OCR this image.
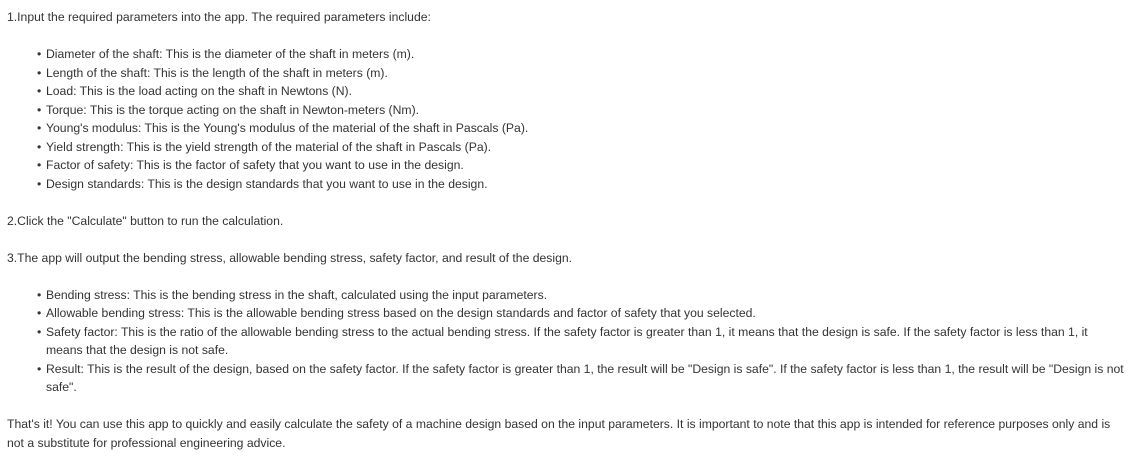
1.Input the required parameters into the app. The required parameters include:

• Diameter of the shaft: This is the diameter of the shaft in meters (m).
• Length of the shaft: This is the length of the shaft in meters (m).
• Load: This is the load acting on the shaft in Newtons (N).
• Torque: This is the torque acting on the shaft in Newton-meters (Nm).
• Young's modulus: This is the Young's modulus of the material of the shaft in Pascals (Pa).
• Yield strength: This is the yield strength of the material of the shaft in Pascals (Pa).
• Factor of safety: This is the factor of safety that you want to use in the design.
• Design standards: This is the design standards that you want to use in the design.

2.Click the "Calculate" button to run the calculation.

3.The app will output the bending stress, allowable bending stress, safety factor, and result of the design.

• Bending stress: This is the bending stress in the shaft, calculated using the input parameters.
• Allowable bending stress: This is the allowable bending stress based on the design standards and factor of safety that you selected.
• Safety factor: This is the ratio of the allowable bending stress to the actual bending stress. If the safety factor is greater than 1, it means that the design is safe. If the safety factor is less than 1, it means that the design is not safe.
• Result: This is the result of the design, based on the safety factor. If the safety factor is greater than 1, the result will be "Design is safe". If the safety factor is less than 1, the result will be "Design is not safe".

That's it! You can use this app to quickly and easily calculate the safety of a machine design based on the input parameters. It is important to note that this app is intended for reference purposes only and is not a substitute for professional engineering advice.
